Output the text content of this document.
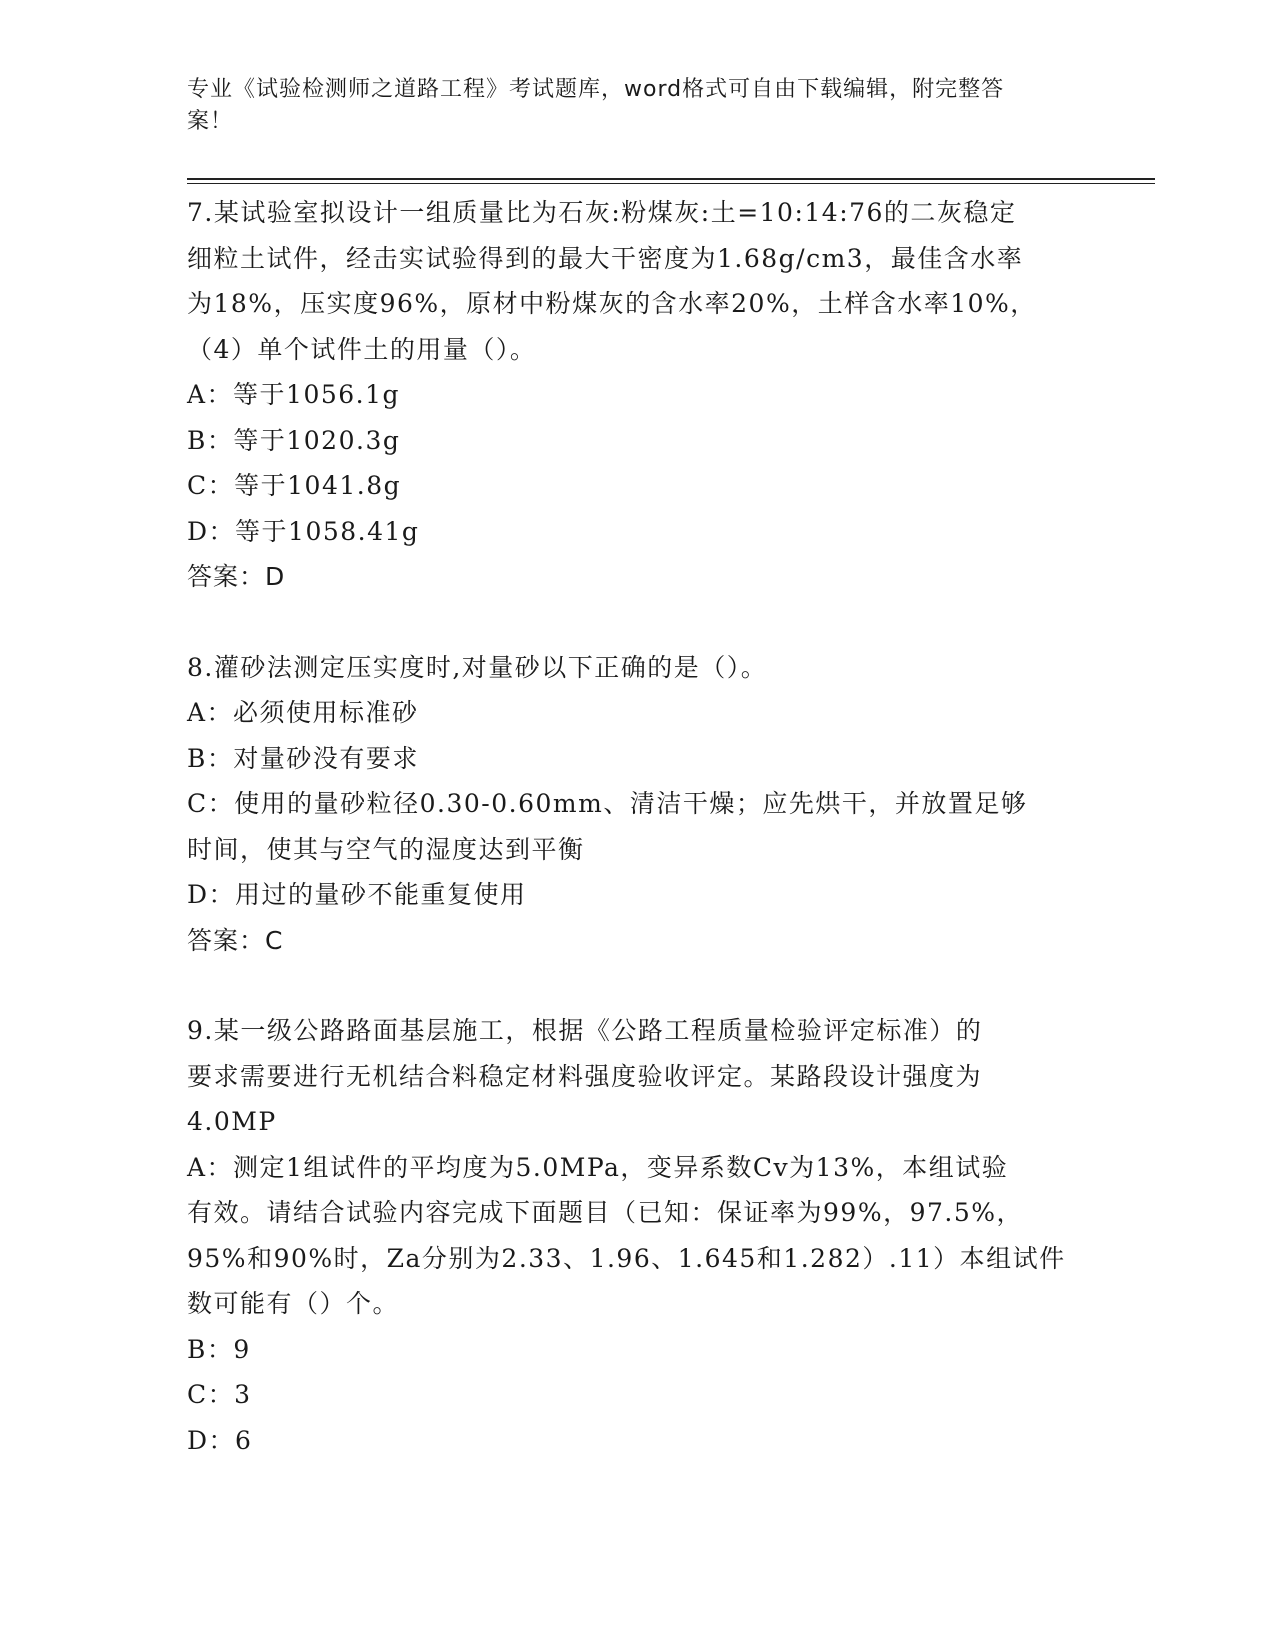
专业《试验检测师之道路工程》考试题库，word格式可自由下载编辑，附完整答
案！
7.某试验室拟设计一组质量比为石灰:粉煤灰:土=10:14:76的二灰稳定
细粒土试件，经击实试验得到的最大干密度为1.68g/cm3，最佳含水率
为18%，压实度96%，原材中粉煤灰的含水率20%，土样含水率10%，
（4）单个试件土的用量（）。
A：等于1056.1g
B：等于1020.3g
C：等于1041.8g
D：等于1058.41g
答案：D
8.灌砂法测定压实度时,对量砂以下正确的是（）。
A：必须使用标准砂
B：对量砂没有要求
C：使用的量砂粒径0.30-0.60mm、清洁干燥；应先烘干，并放置足够
时间，使其与空气的湿度达到平衡
D：用过的量砂不能重复使用
答案：C
9.某一级公路路面基层施工，根据《公路工程质量检验评定标准）的
要求需要进行无机结合料稳定材料强度验收评定。某路段设计强度为
4.0MP
A：测定1组试件的平均度为5.0MPa，变异系数Cv为13%，本组试验
有效。请结合试验内容完成下面题目（已知：保证率为99%，97.5%，
95%和90%时，Za分别为2.33、1.96、1.645和1.282）.11）本组试件
数可能有（）个。
B：9
C：3
D：6
